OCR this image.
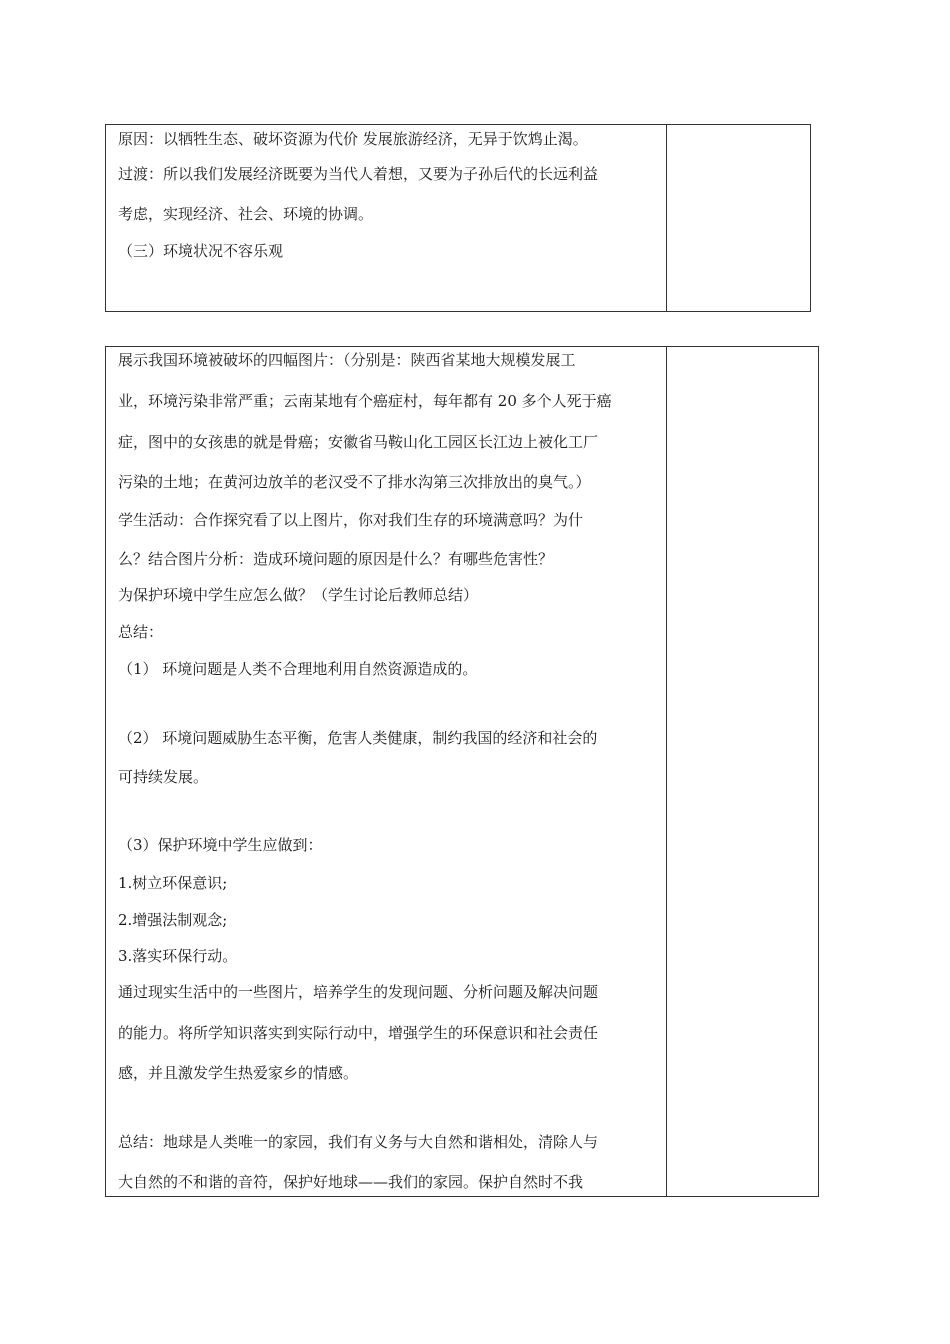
原因：以牺牲生态、破坏资源为代价 发展旅游经济，无异于饮鸩止渴。
过渡：所以我们发展经济既要为当代人着想，又要为子孙后代的长远利益
考虑，实现经济、社会、环境的协调。
（三）环境状况不容乐观

展示我国环境被破坏的四幅图片：（分别是：陕西省某地大规模发展工
业，环境污染非常严重；云南某地有个癌症村，每年都有 20 多个人死于癌
症，图中的女孩患的就是骨癌；安徽省马鞍山化工园区长江边上被化工厂
污染的土地；在黄河边放羊的老汉受不了排水沟第三次排放出的臭气。）
学生活动：合作探究看了以上图片，你对我们生存的环境满意吗？为什
么？结合图片分析：造成环境问题的原因是什么？有哪些危害性？
为保护环境中学生应怎么做？（学生讨论后教师总结）
总结：
（1） 环境问题是人类不合理地利用自然资源造成的。
（2） 环境问题威胁生态平衡，危害人类健康，制约我国的经济和社会的
可持续发展。
（3）保护环境中学生应做到：
1.树立环保意识;
2.增强法制观念;
3.落实环保行动。
通过现实生活中的一些图片，培养学生的发现问题、分析问题及解决问题
的能力。将所学知识落实到实际行动中，增强学生的环保意识和社会责任
感，并且激发学生热爱家乡的情感。
总结：地球是人类唯一的家园，我们有义务与大自然和谐相处，清除人与
大自然的不和谐的音符，保护好地球——我们的家园。保护自然时不我
